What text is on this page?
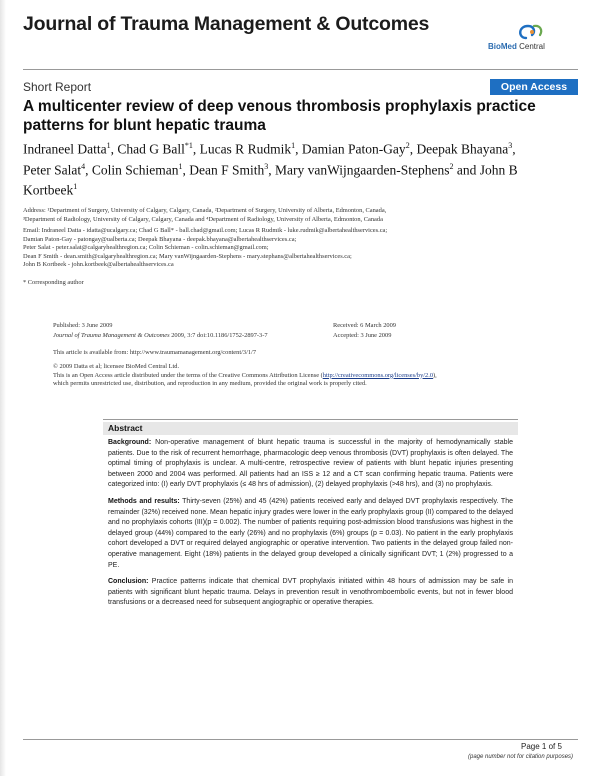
Journal of Trauma Management & Outcomes
BioMed Central
Short Report	Open Access
A multicenter review of deep venous thrombosis prophylaxis practice patterns for blunt hepatic trauma
Indraneel Datta$^1$, Chad G Ball$^{*1}$, Lucas R Rudmik$^1$, Damian Paton-Gay$^2$, Deepak Bhayana$^3$, Peter Salat$^4$, Colin Schieman$^1$, Dean F Smith$^3$, Mary vanWijngaarden-Stephens$^2$ and John B Kortbeek$^1$
Address: ¹Department of Surgery, University of Calgary, Calgary, Canada, ²Department of Surgery, University of Alberta, Edmonton, Canada,
³Department of Radiology, University of Calgary, Calgary, Canada and ⁴Department of Radiology, University of Alberta, Edmonton, Canada
Email: Indraneel Datta - idatta@ucalgary.ca; Chad G Ball* - ball.chad@gmail.com; Lucas R Rudmik - luke.rudmik@albertahealthservices.ca;
Damian Paton-Gay - patongay@ualberta.ca; Deepak Bhayana - deepak.bhayana@albertahealthservices.ca;
Peter Salat - peter.salat@calgaryhealthregion.ca; Colin Schieman - colin.schieman@gmail.com;
Dean F Smith - dean.smith@calgaryhealthregion.ca; Mary vanWijngaarden-Stephens - mary.stephans@albertahealthservices.ca;
John B Kortbeek - john.kortbeek@albertahealthservices.ca
* Corresponding author
Published: 3 June 2009
Journal of Trauma Management & Outcomes 2009, 3:7 doi:10.1186/1752-2897-3-7
Received: 6 March 2009
Accepted: 3 June 2009
This article is available from: http://www.traumamanagement.org/content/3/1/7
© 2009 Datta et al; licensee BioMed Central Ltd.
This is an Open Access article distributed under the terms of the Creative Commons Attribution License (http://creativecommons.org/licenses/by/2.0),
which permits unrestricted use, distribution, and reproduction in any medium, provided the original work is properly cited.
Abstract

Background: Non-operative management of blunt hepatic trauma is successful in the majority of hemodynamically stable patients. Due to the risk of recurrent hemorrhage, pharmacologic deep venous thrombosis (DVT) prophylaxis is often delayed. The optimal timing of prophylaxis is unclear. A multi-centre, retrospective review of patients with blunt hepatic injuries presenting between 2000 and 2004 was performed. All patients had an ISS ≥ 12 and a CT scan confirming hepatic trauma. Patients were categorized into: (I) early DVT prophylaxis (≤ 48 hrs of admission), (2) delayed prophylaxis (>48 hrs), and (3) no prophylaxis.

Methods and results: Thirty-seven (25%) and 45 (42%) patients received early and delayed DVT prophylaxis respectively. The remainder (32%) received none. Mean hepatic injury grades were lower in the early prophylaxis group (II) compared to the delayed and no prophylaxis cohorts (III)(p = 0.002). The number of patients requiring post-admission blood transfusions was highest in the delayed group (44%) compared to the early (26%) and no prophylaxis (6%) groups (p = 0.03). No patient in the early prophylaxis cohort developed a DVT or required delayed angiographic or operative intervention. Two patients in the delayed group failed non-operative management. Eight (18%) patients in the delayed group developed a clinically significant DVT; 1 (2%) progressed to a PE.

Conclusion: Practice patterns indicate that chemical DVT prophylaxis initiated within 48 hours of admission may be safe in patients with significant blunt hepatic trauma. Delays in prevention result in venothromboembolic events, but not in fewer blood transfusions or a decreased need for subsequent angiographic or operative therapies.

Page 1 of 5
(page number not for citation purposes)
